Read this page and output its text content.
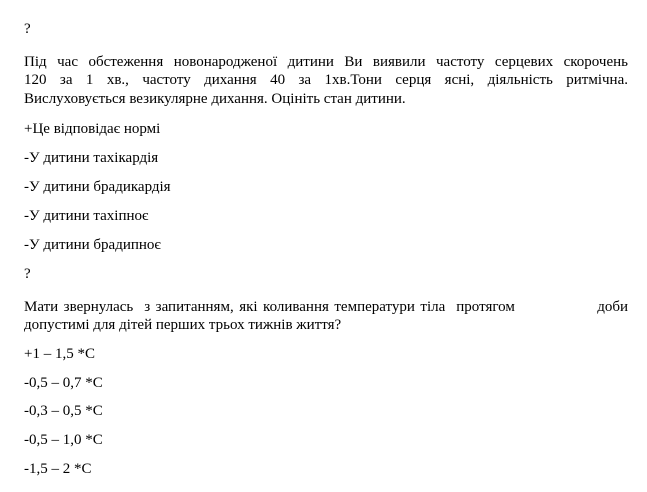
?
Під час обстеження новонародженої дитини Ви виявили частоту серцевих скорочень
120 за 1 хв., частоту дихання 40 за 1хв.Тони серця ясні, діяльність ритмічна.
Вислуховується везикулярне дихання. Оцініть стан дитини.
+Це відповідає нормі
-У дитини тахікардія
-У дитини брадикардія
-У дитини тахіпноє
-У дитини брадипноє
?
Мати звернулась  з запитанням, які коливання температури тіла  протягом               доби
допустимі для дітей перших трьох тижнів життя?
+1 – 1,5 *С
-0,5 – 0,7 *С
-0,3 – 0,5 *С
-0,5 – 1,0 *С
-1,5 – 2 *С
